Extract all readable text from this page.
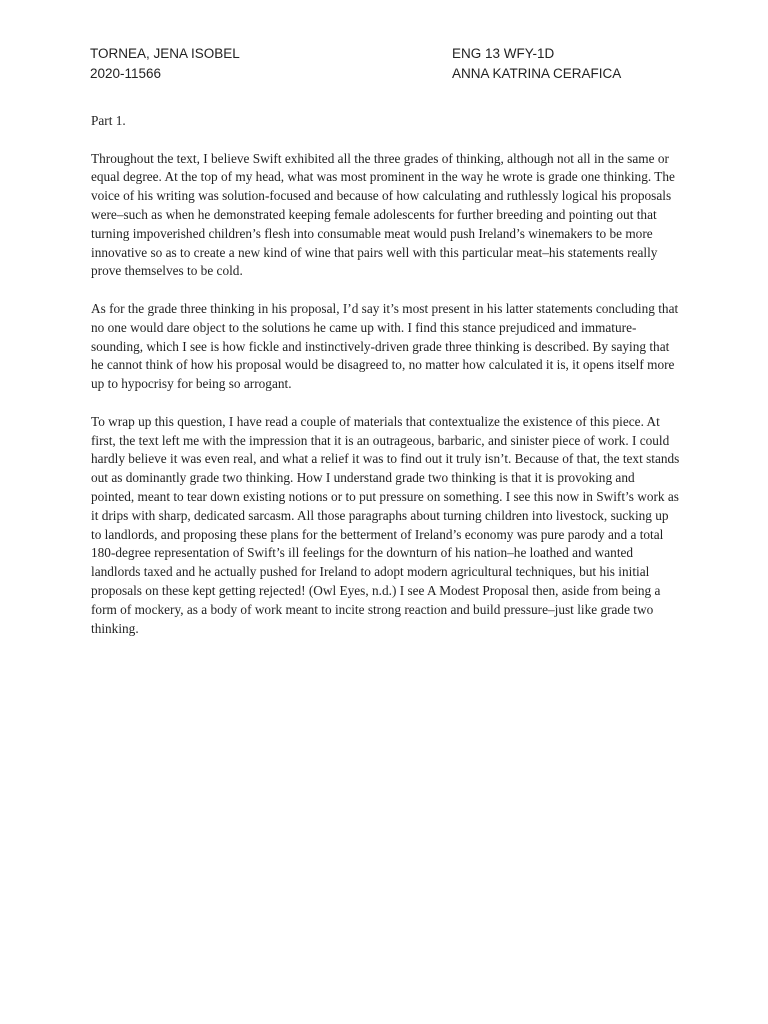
TORNEA, JENA ISOBEL
2020-11566
ENG 13 WFY-1D
ANNA KATRINA CERAFICA

Part 1.

Throughout the text, I believe Swift exhibited all the three grades of thinking, although not all in the same or equal degree. At the top of my head, what was most prominent in the way he wrote is grade one thinking. The voice of his writing was solution-focused and because of how calculating and ruthlessly logical his proposals were–such as when he demonstrated keeping female adolescents for further breeding and pointing out that turning impoverished children’s flesh into consumable meat would push Ireland’s winemakers to be more innovative so as to create a new kind of wine that pairs well with this particular meat–his statements really prove themselves to be cold.

As for the grade three thinking in his proposal, I’d say it’s most present in his latter statements concluding that no one would dare object to the solutions he came up with. I find this stance prejudiced and immature-sounding, which I see is how fickle and instinctively-driven grade three thinking is described. By saying that he cannot think of how his proposal would be disagreed to, no matter how calculated it is, it opens itself more up to hypocrisy for being so arrogant.

To wrap up this question, I have read a couple of materials that contextualize the existence of this piece. At first, the text left me with the impression that it is an outrageous, barbaric, and sinister piece of work. I could hardly believe it was even real, and what a relief it was to find out it truly isn’t. Because of that, the text stands out as dominantly grade two thinking. How I understand grade two thinking is that it is provoking and pointed, meant to tear down existing notions or to put pressure on something. I see this now in Swift’s work as it drips with sharp, dedicated sarcasm. All those paragraphs about turning children into livestock, sucking up to landlords, and proposing these plans for the betterment of Ireland’s economy was pure parody and a total 180-degree representation of Swift’s ill feelings for the downturn of his nation–he loathed and wanted landlords taxed and he actually pushed for Ireland to adopt modern agricultural techniques, but his initial proposals on these kept getting rejected! (Owl Eyes, n.d.) I see A Modest Proposal then, aside from being a form of mockery, as a body of work meant to incite strong reaction and build pressure–just like grade two thinking.
